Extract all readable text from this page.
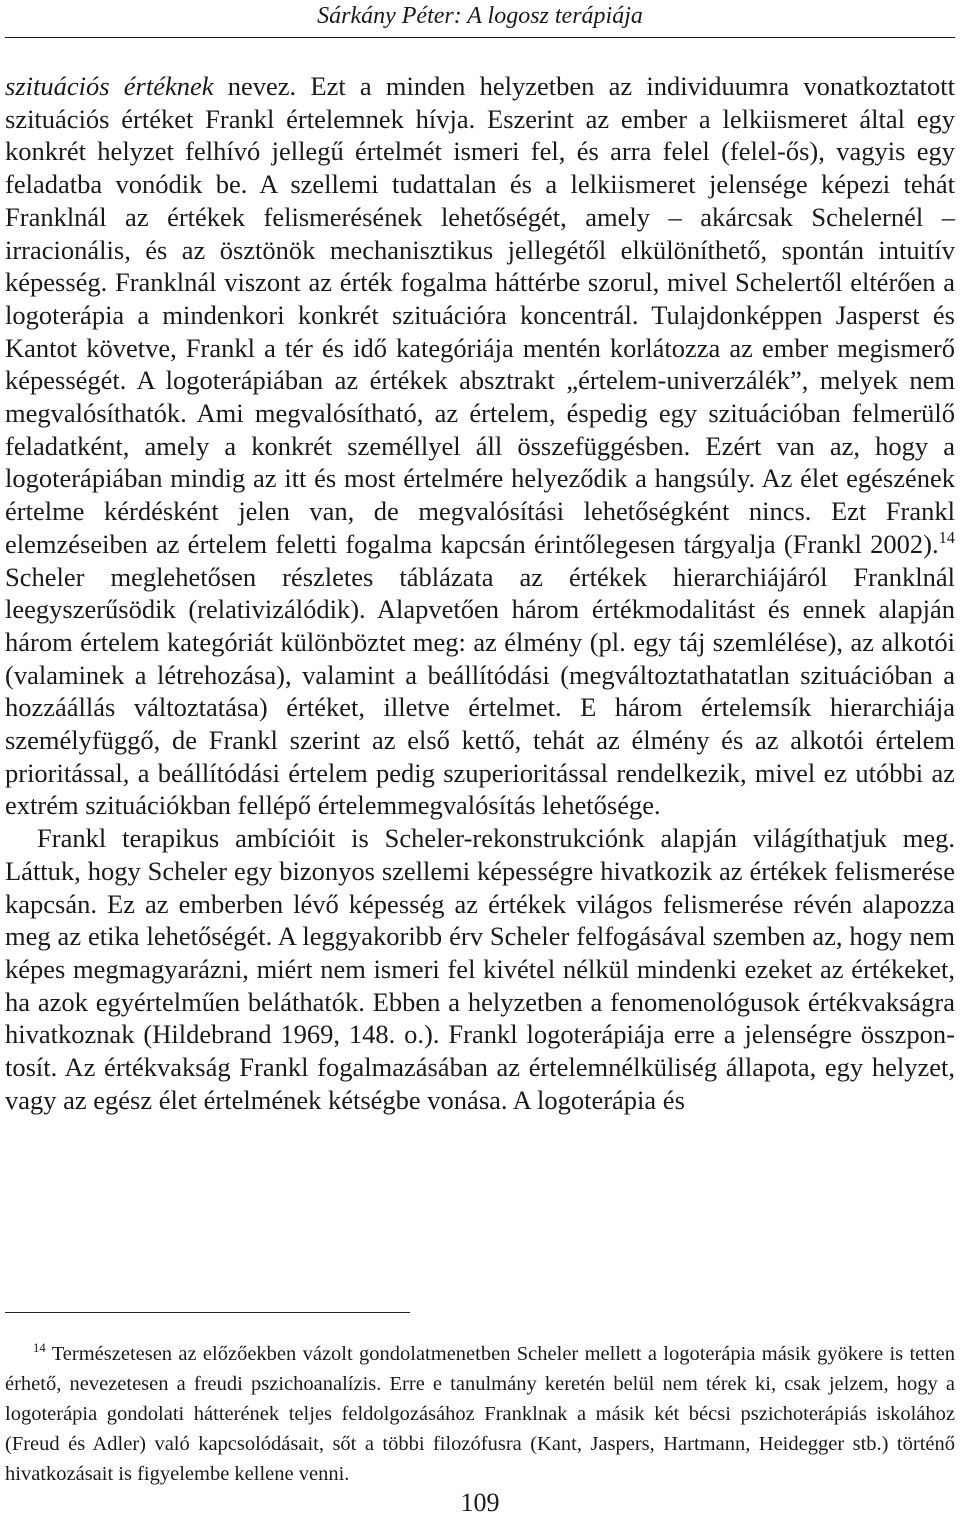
Sárkány Péter: A logosz terápiája

szituációs értéknek nevez. Ezt a minden helyzetben az individuumra vonatkoztatott szituációs értéket Frankl értelemnek hívja. Eszerint az ember a lelkiismeret által egy konkrét helyzet felhívó jellegű értelmét ismeri fel, és arra felel (felel-ős), vagyis egy feladatba vonódik be. A szellemi tudattalan és a lelkiismeret jelensége képezi tehát Franklnál az értékek felismerésének lehetőségét, amely – akárcsak Schelernél – irracionális, és az ösztönök mechanisztikus jellegétől elkülöníthető, spontán intuitív képesség. Franklnál viszont az érték fogalma háttérbe szorul, mivel Schelertől eltérően a logoterápia a mindenkori konkrét szituációra koncentrál. Tulajdonképpen Jasperst és Kantot követve, Frankl a tér és idő kategóriája mentén korlátozza az ember megismerő képességét. A logoterápiában az értékek absztrakt „értelem-univerzálék”, melyek nem megvalósíthatók. Ami megvalósítható, az értelem, éspedig egy szituációban felmerülő feladatként, amely a konkrét személlyel áll összefüggésben. Ezért van az, hogy a logoterápiában mindig az itt és most értelmére helyeződik a hangsúly. Az élet egészének értelme kérdésként jelen van, de megvalósítási lehetőségként nincs. Ezt Frankl elemzéseiben az értelem feletti fogalma kapcsán érintőlegesen tárgyalja (Frankl 2002).$^{14}$ Scheler meglehetősen részletes táblázata az értékek hierarchiájáról Franklnál leegyszerűsödik (relativizálódik). Alapvetően három értékmodalitást és ennek alapján három értelem kategóriát különböztet meg: az élmény (pl. egy táj szemlélése), az alkotói (valaminek a létrehozása), valamint a beállítódási (megváltoztathatatlan szituációban a hozzáállás változtatása) értéket, illetve értelmet. E három értelemsík hierarchiája személyfüggő, de Frankl szerint az első kettő, tehát az élmény és az alkotói értelem prioritással, a beállítódási értelem pedig szuperioritással rendelkezik, mivel ez utóbbi az extrém szituációkban fellépő értelemmegvalósítás lehetősége.

Frankl terapikus ambícióit is Scheler-rekonstrukciónk alapján világíthatjuk meg. Láttuk, hogy Scheler egy bizonyos szellemi képességre hivatkozik az értékek felismerése kapcsán. Ez az emberben lévő képesség az értékek világos felismerése révén alapozza meg az etika lehetőségét. A leggyakoribb érv Scheler felfogásával szemben az, hogy nem képes megmagyarázni, miért nem ismeri fel kivétel nélkül mindenki ezeket az értékeket, ha azok egyértelműen beláthatók. Ebben a helyzetben a fenomenológusok értékvakságra hivatkoznak (Hildebrand 1969, 148. o.). Frankl logoterápiája erre a jelenségre összpontosít. Az értékvakság Frankl fogalmazásában az értelemnélküliség állapota, egy helyzet, vagy az egész élet értelmének kétségbe vonása. A logoterápia és

$^{14}$ Természetesen az előzőekben vázolt gondolatmenetben Scheler mellett a logoterápia másik gyökere is tetten érhető, nevezetesen a freudi pszichoanalízis. Erre e tanulmány keretén belül nem térek ki, csak jelzem, hogy a logoterápia gondolati hátterének teljes feldolgozásához Franklnak a másik két bécsi pszichoterápiás iskolához (Freud és Adler) való kapcsolódásait, sőt a többi filozófusra (Kant, Jaspers, Hartmann, Heidegger stb.) történő hivatkozásait is figyelembe kellene venni.

109
